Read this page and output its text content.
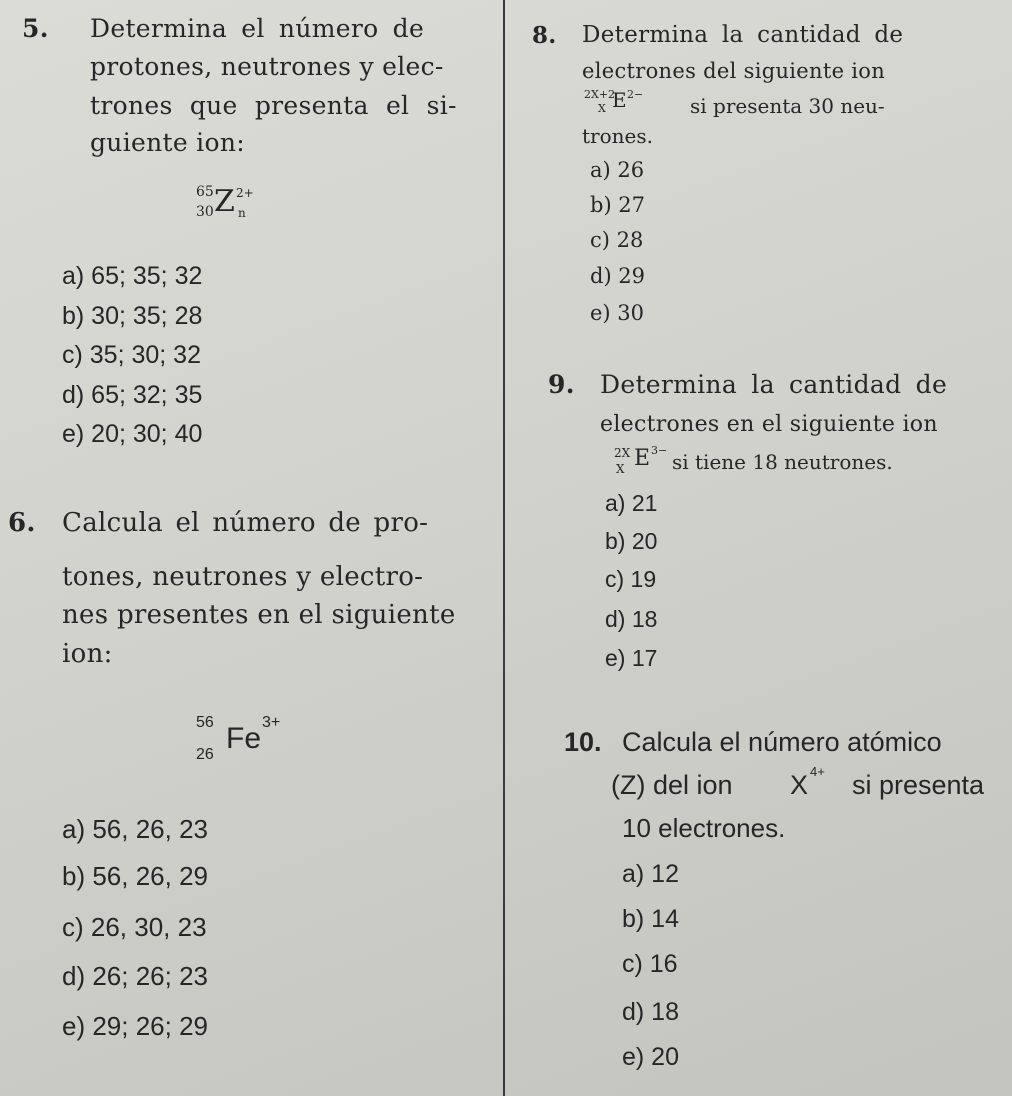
5. Determina el número de
protones, neutrones y elec-
trones que presenta el si-
guiente ion:
65
30 Z 2+
n
a) 65; 35; 32
b) 30; 35; 28
c) 35; 30; 32
d) 65; 32; 35
e) 20; 30; 40
6. Calcula el número de pro-
tones, neutrones y electro-
nes presentes en el siguiente
ion:
56
26 Fe 3+
a) 56, 26, 23
b) 56, 26, 29
c) 26, 30, 23
d) 26; 26; 23
e) 29; 26; 29
8. Determina la cantidad de
electrones del siguiente ion
2X+2
X E 2− si presenta 30 neu-
trones.
a) 26
b) 27
c) 28
d) 29
e) 30
9. Determina la cantidad de
electrones en el siguiente ion
2X
X E 3− si tiene 18 neutrones.
a) 21
b) 20
c) 19
d) 18
e) 17
10. Calcula el número atómico
(Z) del ion X 4+ si presenta
10 electrones.
a) 12
b) 14
c) 16
d) 18
e) 20
